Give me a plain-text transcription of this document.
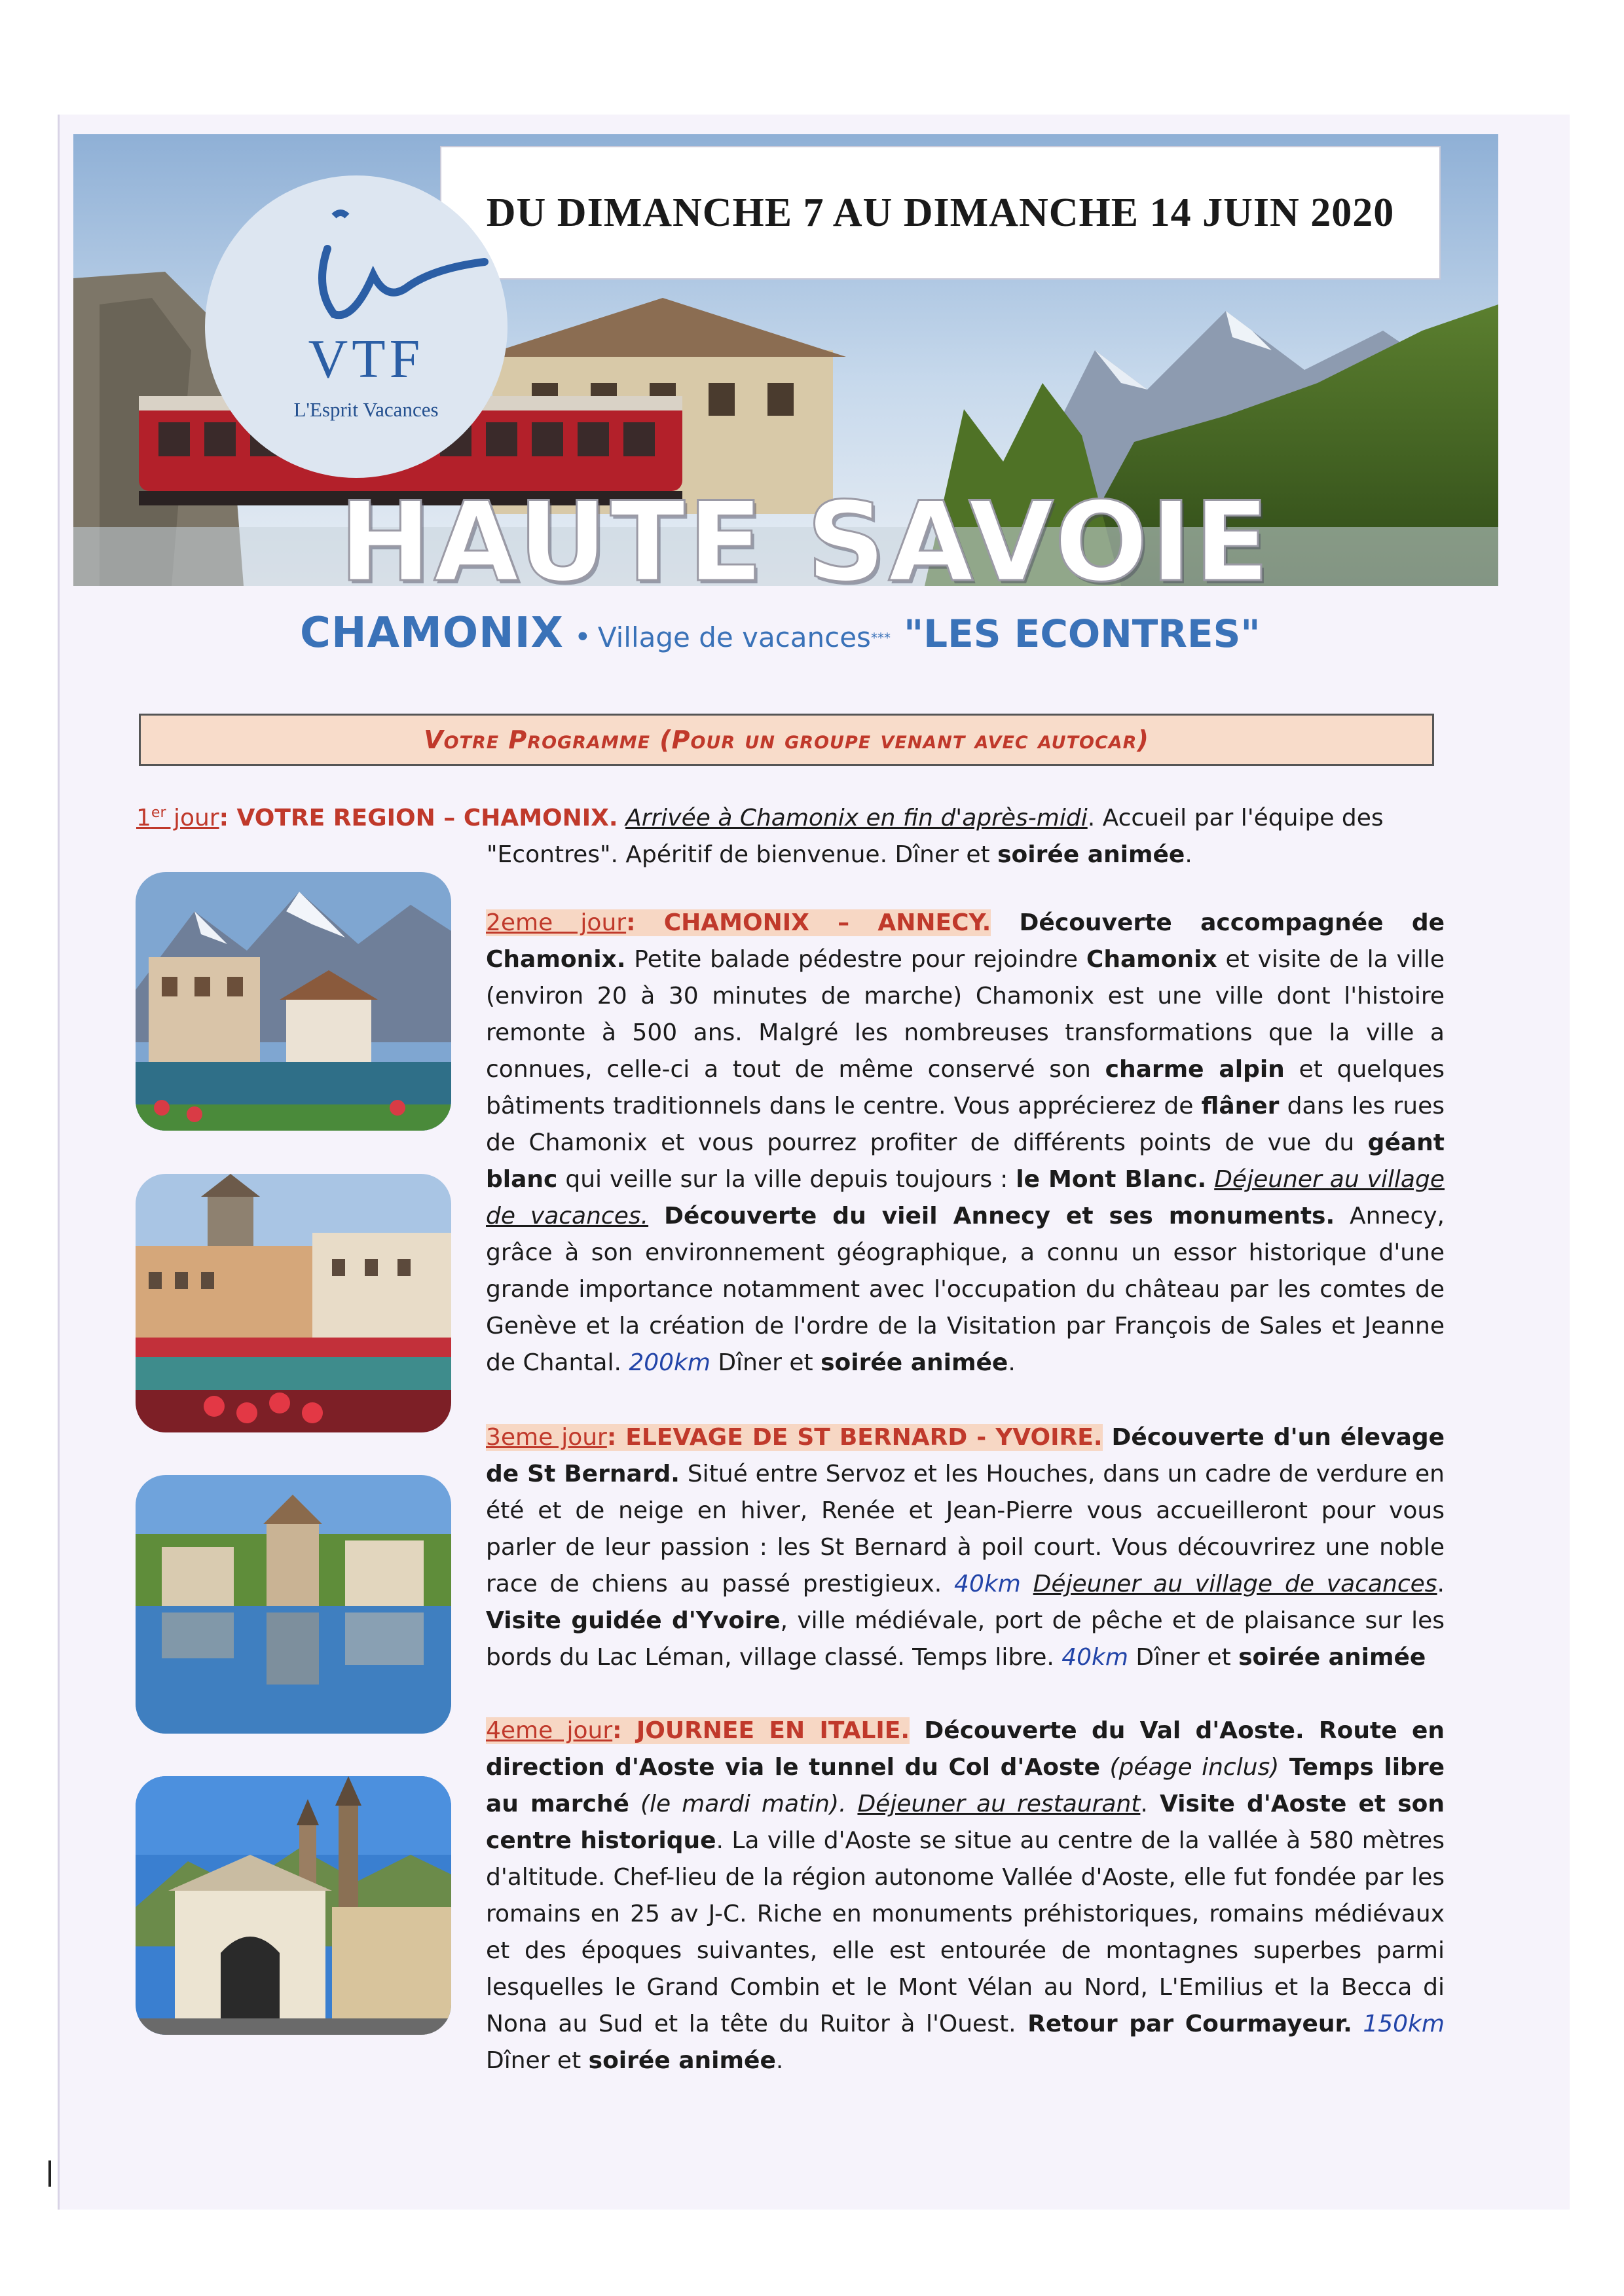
DU DIMANCHE 7 AU DIMANCHE 14 JUIN 2020
VTF
L'Esprit Vacances
HAUTE SAVOIE
CHAMONIX • Village de vacances*** "LES ECONTRES"
Votre Programme (Pour un groupe venant avec autocar)
1er jour: VOTRE REGION – CHAMONIX. Arrivée à Chamonix en fin d'après-midi. Accueil par l'équipe des
"Econtres". Apéritif de bienvenue. Dîner et soirée animée.
2eme jour: CHAMONIX – ANNECY. Découverte accompagnée de Chamonix. Petite balade pédestre pour rejoindre Chamonix et visite de la ville (environ 20 à 30 minutes de marche) Chamonix est une ville dont l'histoire remonte à 500 ans. Malgré les nombreuses transformations que la ville a connues, celle-ci a tout de même conservé son charme alpin et quelques bâtiments traditionnels dans le centre. Vous apprécierez de flâner dans les rues de Chamonix et vous pourrez profiter de différents points de vue du géant blanc qui veille sur la ville depuis toujours : le Mont Blanc. Déjeuner au village de vacances. Découverte du vieil Annecy et ses monuments. Annecy, grâce à son environnement géographique, a connu un essor historique d'une grande importance notamment avec l'occupation du château par les comtes de Genève et la création de l'ordre de la Visitation par François de Sales et Jeanne de Chantal. 200km Dîner et soirée animée.
3eme jour: ELEVAGE DE ST BERNARD - YVOIRE. Découverte d'un élevage de St Bernard. Situé entre Servoz et les Houches, dans un cadre de verdure en été et de neige en hiver, Renée et Jean-Pierre vous accueilleront pour vous parler de leur passion : les St Bernard à poil court. Vous découvrirez une noble race de chiens au passé prestigieux. 40km Déjeuner au village de vacances. Visite guidée d'Yvoire, ville médiévale, port de pêche et de plaisance sur les bords du Lac Léman, village classé. Temps libre. 40km Dîner et soirée animée
4eme jour: JOURNEE EN ITALIE. Découverte du Val d'Aoste. Route en direction d'Aoste via le tunnel du Col d'Aoste (péage inclus) Temps libre au marché (le mardi matin). Déjeuner au restaurant. Visite d'Aoste et son centre historique. La ville d'Aoste se situe au centre de la vallée à 580 mètres d'altitude. Chef-lieu de la région autonome Vallée d'Aoste, elle fut fondée par les romains en 25 av J-C. Riche en monuments préhistoriques, romains médiévaux et des époques suivantes, elle est entourée de montagnes superbes parmi lesquelles le Grand Combin et le Mont Vélan au Nord, L'Emilius et la Becca di Nona au Sud et la tête du Ruitor à l'Ouest. Retour par Courmayeur. 150km Dîner et soirée animée.
